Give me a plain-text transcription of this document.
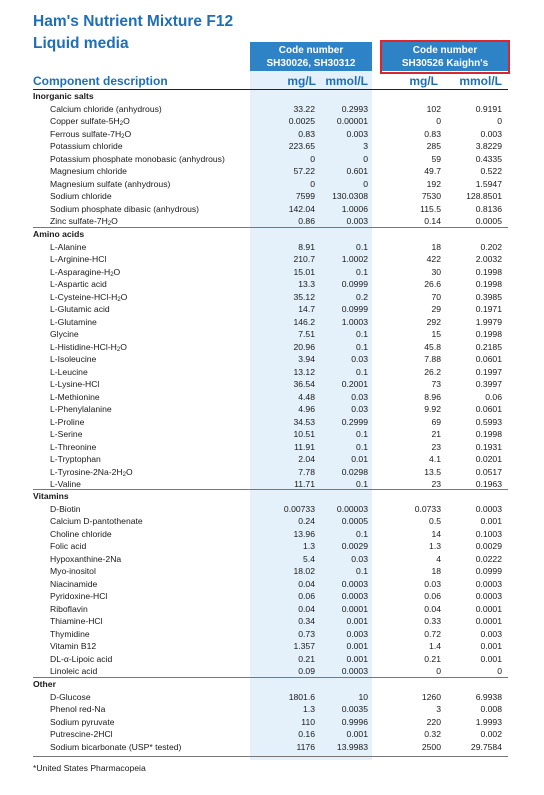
Ham's Nutrient Mixture F12
Liquid media	Code number
SH30026, SH30312
Code number
SH30526 Kaighn's
Component description	mg/L mmol/L	mg/L	mmol/L
*United States Pharmacopeia
Inorganic salts
Calcium chloride (anhydrous)	33.22	0.2993	102	0.9191
Copper sulfate-$5H_2O$	0.0025	0.00001	0	0
Ferrous sulfate-$7H_2O$	0.83	0.003	0.83	0.003
Potassium chloride	223.65	3	285	3.8229
Potassium phosphate monobasic (anhydrous)	0	0	59	0.4335
Magnesium chloride	57.22	0.601	49.7	0.522
Magnesium sulfate (anhydrous)	0	0	192	1.5947
Sodium chloride	7599	130.0308	7530	128.8501
Sodium phosphate dibasic (anhydrous)	142.04	1.0006	115.5	0.8136
Zinc sulfate-$7H_2O$	0.86	0.003	0.14	0.0005
Amino acids
L-Alanine	8.91	0.1	18	0.202
L-Arginine-HCl	210.7	1.0002	422	2.0032
$L-Asparagine-H_2O$	15.01	0.1	30	0.1998
L-Aspartic acid	13.3	0.0999	26.6	0.1998
$L-Cysteine-HCl-H_2O$	35.12	0.2	70	0.3985
L-Glutamic acid	14.7	0.0999	29	0.1971
L-Glutamine	146.2	1.0003	292	1.9979
Glycine	7.51	0.1	15	0.1998
$L-Histidine-HCl-H_2O$	20.96	0.1	45.8	0.2185
L-Isoleucine	3.94	0.03	7.88	0.0601
L-Leucine	13.12	0.1	26.2	0.1997
L-Lysine-HCl	36.54	0.2001	73	0.3997
L-Methionine	4.48	0.03	8.96	0.06
L-Phenylalanine	4.96	0.03	9.92	0.0601
L-Proline	34.53	0.2999	69	0.5993
L-Serine	10.51	0.1	21	0.1998
L-Threonine	11.91	0.1	23	0.1931
L-Tryptophan	2.04	0.01	4.1	0.0201
$L-Tyrosine-2Na-2H_2O$	7.78	0.0298	13.5	0.0517
L-Valine	11.71	0.1	23	0.1963
Vitamins
D-Biotin	0.00733	0.00003	0.0733	0.0003
Calcium D-pantothenate	0.24	0.0005	0.5	0.001
Choline chloride	13.96	0.1	14	0.1003
Folic acid	1.3	0.0029	1.3	0.0029
Hypoxanthine-2Na	5.4	0.03	4	0.0222
Myo-inositol	18.02	0.1	18	0.0999
Niacinamide	0.04	0.0003	0.03	0.0003
Pyridoxine-HCl	0.06	0.0003	0.06	0.0003
Riboflavin	0.04	0.0001	0.04	0.0001
Thiamine-HCl	0.34	0.001	0.33	0.0001
Thymidine	0.73	0.003	0.72	0.003
Vitamin B12	1.357	0.001	1.4	0.001
DL-α-Lipoic acid	0.21	0.001	0.21	0.001
Linoleic acid	0.09	0.0003	0	0
Other
D-Glucose	1801.6	10	1260	6.9938
Phenol red-Na	1.3	0.0035	3	0.008
Sodium pyruvate	110	0.9996	220	1.9993
Putrescine-2HCl	0.16	0.001	0.32	0.002
Sodium bicarbonate (USP* tested)	1176	13.9983	2500	29.7584
